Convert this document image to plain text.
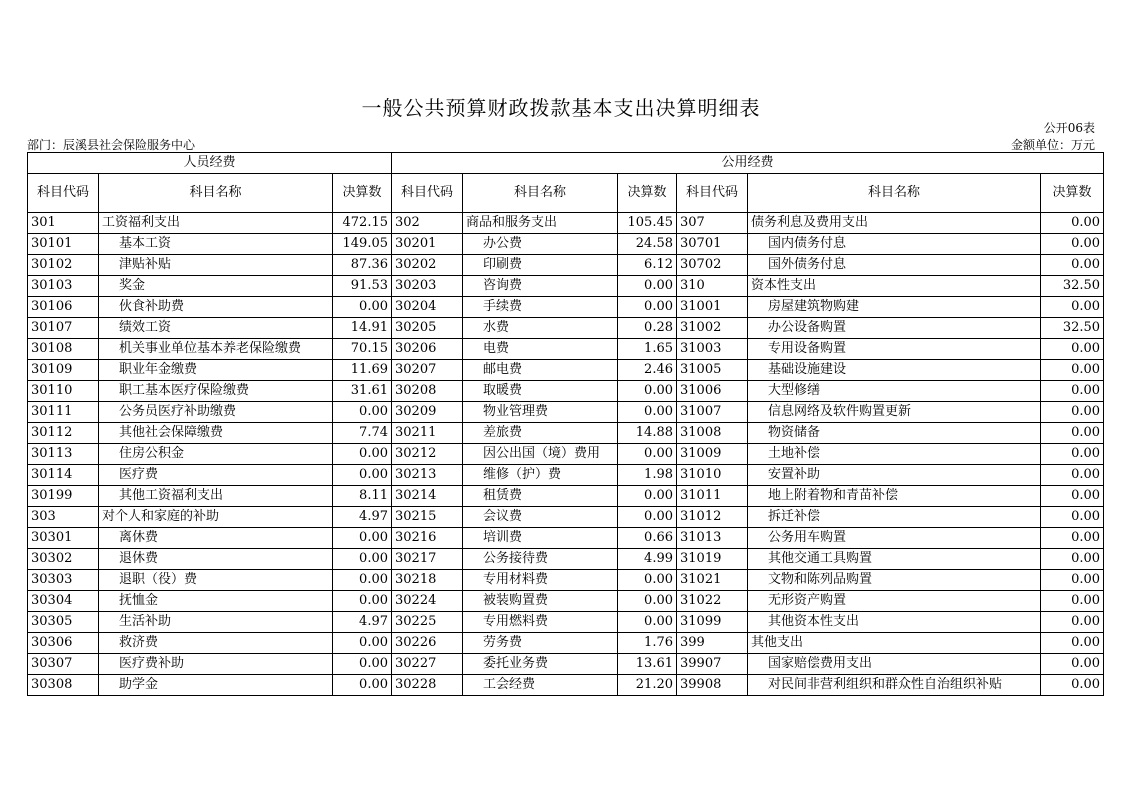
一般公共预算财政拨款基本支出决算明细表
公开06表
部门：辰溪县社会保险服务中心	金额单位：万元
人员经费			公用经费					
科目代码	科目名称	决算数	科目代码	科目名称	决算数	科目代码	科目名称	决算数
301	工资福利支出	472.15	302	商品和服务支出	105.45	307	债务利息及费用支出	0.00
30101	基本工资	149.05	30201	办公费	24.58	30701	国内债务付息	0.00
30102	津贴补贴	87.36	30202	印刷费	6.12	30702	国外债务付息	0.00
30103	奖金	91.53	30203	咨询费	0.00	310	资本性支出	32.50
30106	伙食补助费	0.00	30204	手续费	0.00	31001	房屋建筑物购建	0.00
30107	绩效工资	14.91	30205	水费	0.28	31002	办公设备购置	32.50
30108	机关事业单位基本养老保险缴费	70.15	30206	电费	1.65	31003	专用设备购置	0.00
30109	职业年金缴费	11.69	30207	邮电费	2.46	31005	基础设施建设	0.00
30110	职工基本医疗保险缴费	31.61	30208	取暖费	0.00	31006	大型修缮	0.00
30111	公务员医疗补助缴费	0.00	30209	物业管理费	0.00	31007	信息网络及软件购置更新	0.00
30112	其他社会保障缴费	7.74	30211	差旅费	14.88	31008	物资储备	0.00
30113	住房公积金	0.00	30212	因公出国（境）费用	0.00	31009	土地补偿	0.00
30114	医疗费	0.00	30213	维修（护）费	1.98	31010	安置补助	0.00
30199	其他工资福利支出	8.11	30214	租赁费	0.00	31011	地上附着物和青苗补偿	0.00
303	对个人和家庭的补助	4.97	30215	会议费	0.00	31012	拆迁补偿	0.00
30301	离休费	0.00	30216	培训费	0.66	31013	公务用车购置	0.00
30302	退休费	0.00	30217	公务接待费	4.99	31019	其他交通工具购置	0.00
30303	退职（役）费	0.00	30218	专用材料费	0.00	31021	文物和陈列品购置	0.00
30304	抚恤金	0.00	30224	被装购置费	0.00	31022	无形资产购置	0.00
30305	生活补助	4.97	30225	专用燃料费	0.00	31099	其他资本性支出	0.00
30306	救济费	0.00	30226	劳务费	1.76	399	其他支出	0.00
30307	医疗费补助	0.00	30227	委托业务费	13.61	39907	国家赔偿费用支出	0.00
30308	助学金	0.00	30228	工会经费	21.20	39908	对民间非营利组织和群众性自治组织补贴	0.00
